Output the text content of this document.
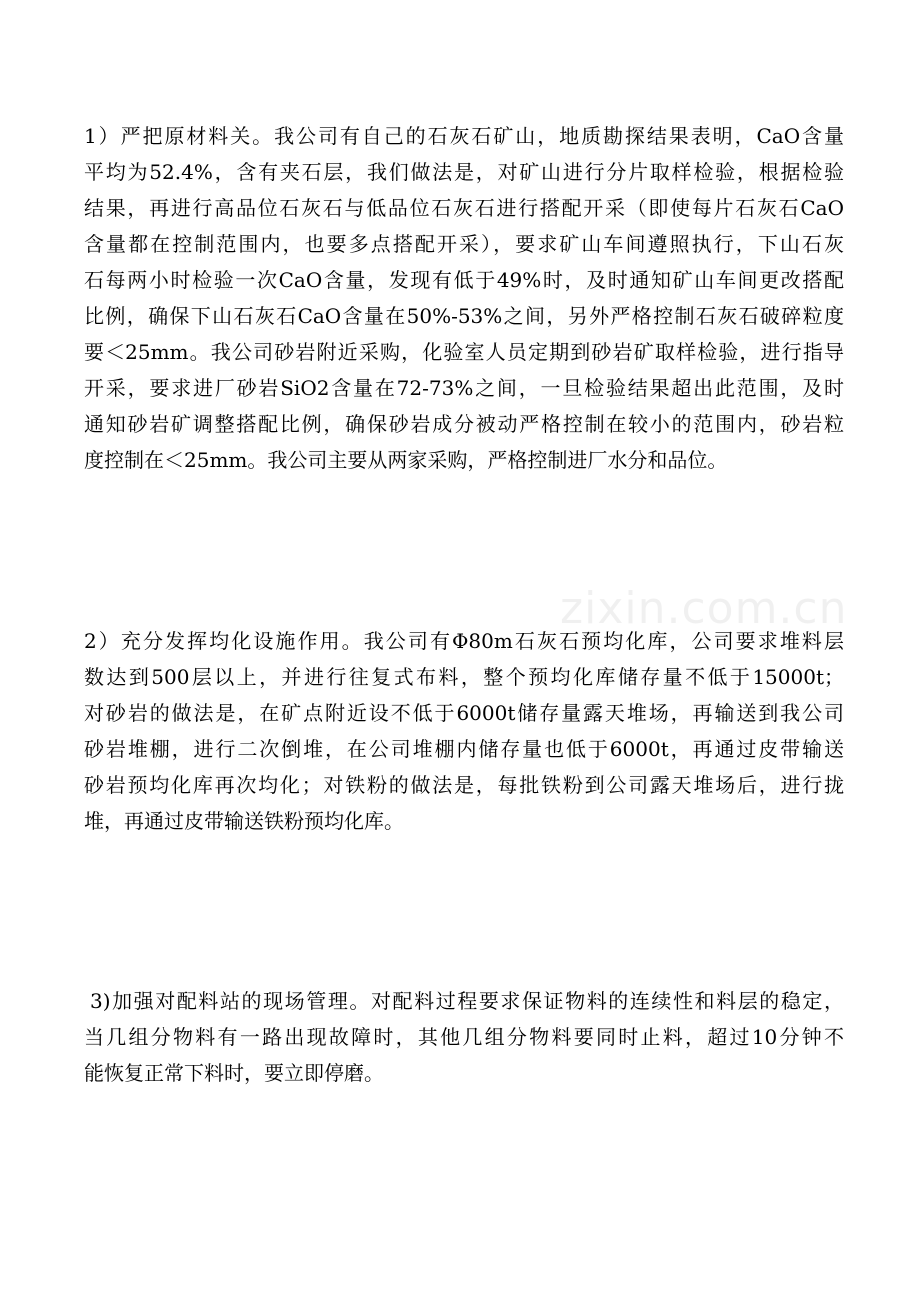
zixin.com.cn
1）严把原材料关。我公司有自己的石灰石矿山，地质勘探结果表明，CaO含量
平均为52.4%，含有夹石层，我们做法是，对矿山进行分片取样检验，根据检验
结果，再进行高品位石灰石与低品位石灰石进行搭配开采（即使每片石灰石CaO
含量都在控制范围内，也要多点搭配开采），要求矿山车间遵照执行，下山石灰
石每两小时检验一次CaO含量，发现有低于49%时，及时通知矿山车间更改搭配
比例，确保下山石灰石CaO含量在50%-53%之间，另外严格控制石灰石破碎粒度
要＜25mm。我公司砂岩附近采购，化验室人员定期到砂岩矿取样检验，进行指导
开采，要求进厂砂岩SiO2含量在72-73%之间，一旦检验结果超出此范围，及时
通知砂岩矿调整搭配比例，确保砂岩成分被动严格控制在较小的范围内，砂岩粒
度控制在＜25mm。我公司主要从两家采购，严格控制进厂水分和品位。
2）充分发挥均化设施作用。我公司有Φ80m石灰石预均化库，公司要求堆料层
数达到500层以上，并进行往复式布料，整个预均化库储存量不低于15000t；
对砂岩的做法是，在矿点附近设不低于6000t储存量露天堆场，再输送到我公司
砂岩堆棚，进行二次倒堆，在公司堆棚内储存量也低于6000t，再通过皮带输送
砂岩预均化库再次均化；对铁粉的做法是，每批铁粉到公司露天堆场后，进行拢
堆，再通过皮带输送铁粉预均化库。
3)加强对配料站的现场管理。对配料过程要求保证物料的连续性和料层的稳定，
当几组分物料有一路出现故障时，其他几组分物料要同时止料，超过10分钟不
能恢复正常下料时，要立即停磨。
